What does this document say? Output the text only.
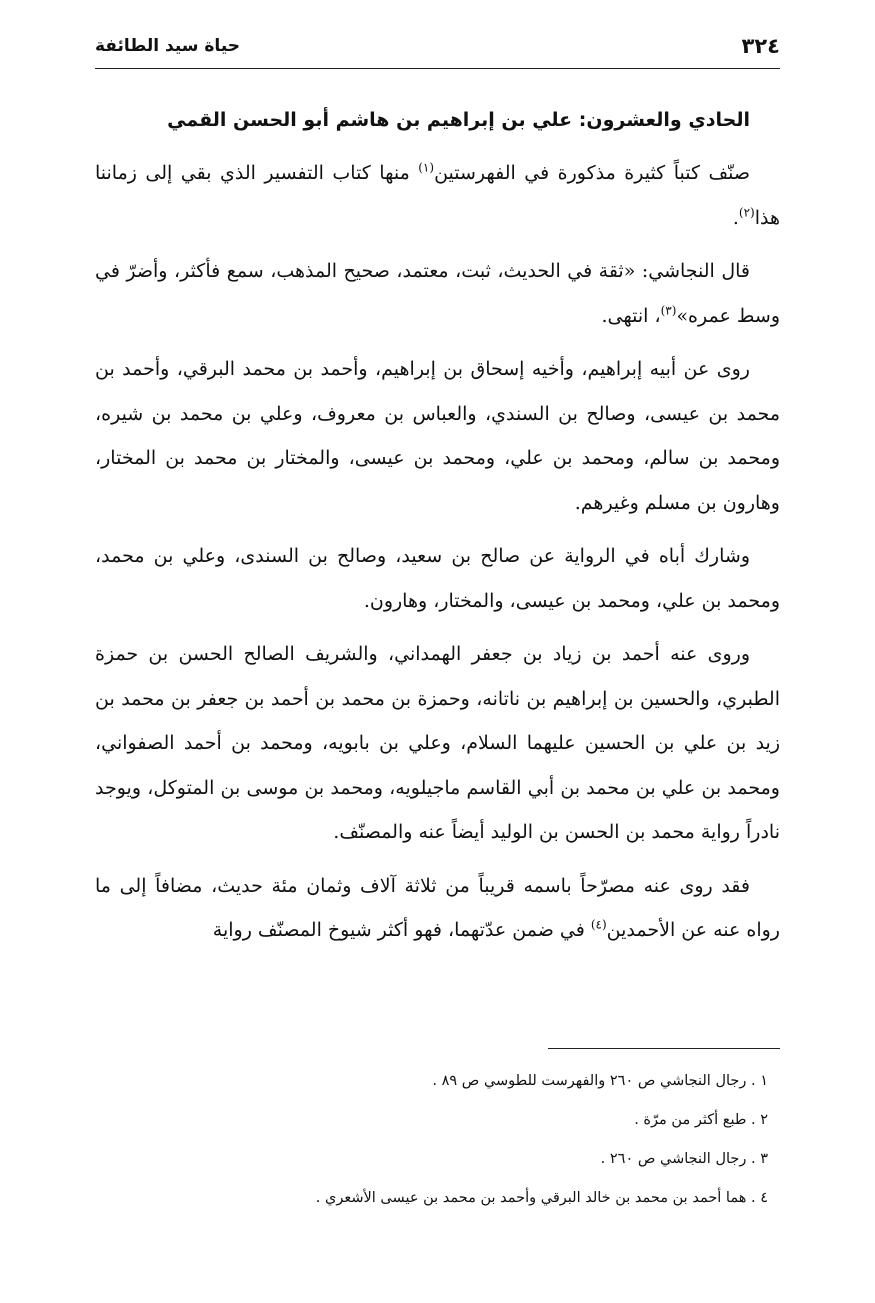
٣٢٤
حياة سيد الطائفة

الحادي والعشرون: علي بن إبراهيم بن هاشم أبو الحسن القمي

صنّف كتباً كثيرة مذكورة في الفهرستين$^{(١)}$ منها كتاب التفسير الذي بقي إلى زماننا هذا$^{(٢)}$.

قال النجاشي: «ثقة في الحديث، ثبت، معتمد، صحيح المذهب، سمع فأكثر، وأضرّ في وسط عمره»$^{(٣)}$، انتهى.

روى عن أبيه إبراهيم، وأخيه إسحاق بن إبراهيم، وأحمد بن محمد البرقي، وأحمد بن محمد بن عيسى، وصالح بن السندي، والعباس بن معروف، وعلي بن محمد بن شيره، ومحمد بن سالم، ومحمد بن علي، ومحمد بن عيسى، والمختار بن محمد بن المختار، وهارون بن مسلم وغيرهم.

وشارك أباه في الرواية عن صالح بن سعيد، وصالح بن السندى، وعلي بن محمد، ومحمد بن علي، ومحمد بن عيسى، والمختار، وهارون.

وروى عنه أحمد بن زياد بن جعفر الهمداني، والشريف الصالح الحسن بن حمزة الطبري، والحسين بن إبراهيم بن ناتانه، وحمزة بن محمد بن أحمد بن جعفر بن محمد بن زيد بن علي بن الحسين عليهما السلام، وعلي بن بابويه، ومحمد بن أحمد الصفواني، ومحمد بن علي بن محمد بن أبي القاسم ماجيلويه، ومحمد بن موسى بن المتوكل، ويوجد نادراً رواية محمد بن الحسن بن الوليد أيضاً عنه والمصنّف.

فقد روى عنه مصرّحاً باسمه قريباً من ثلاثة آلاف وثمان مئة حديث، مضافاً إلى ما رواه عنه عن الأحمدين$^{(٤)}$ في ضمن عدّتهما، فهو أكثر شيوخ المصنّف رواية

١ . رجال النجاشي ص ٢٦٠ والفهرست للطوسي ص ٨٩ .

٢ . طبع أكثر من مرّة .

٣ . رجال النجاشي ص ٢٦٠ .

٤ . هما أحمد بن محمد بن خالد البرقي وأحمد بن محمد بن عيسى الأشعري .
